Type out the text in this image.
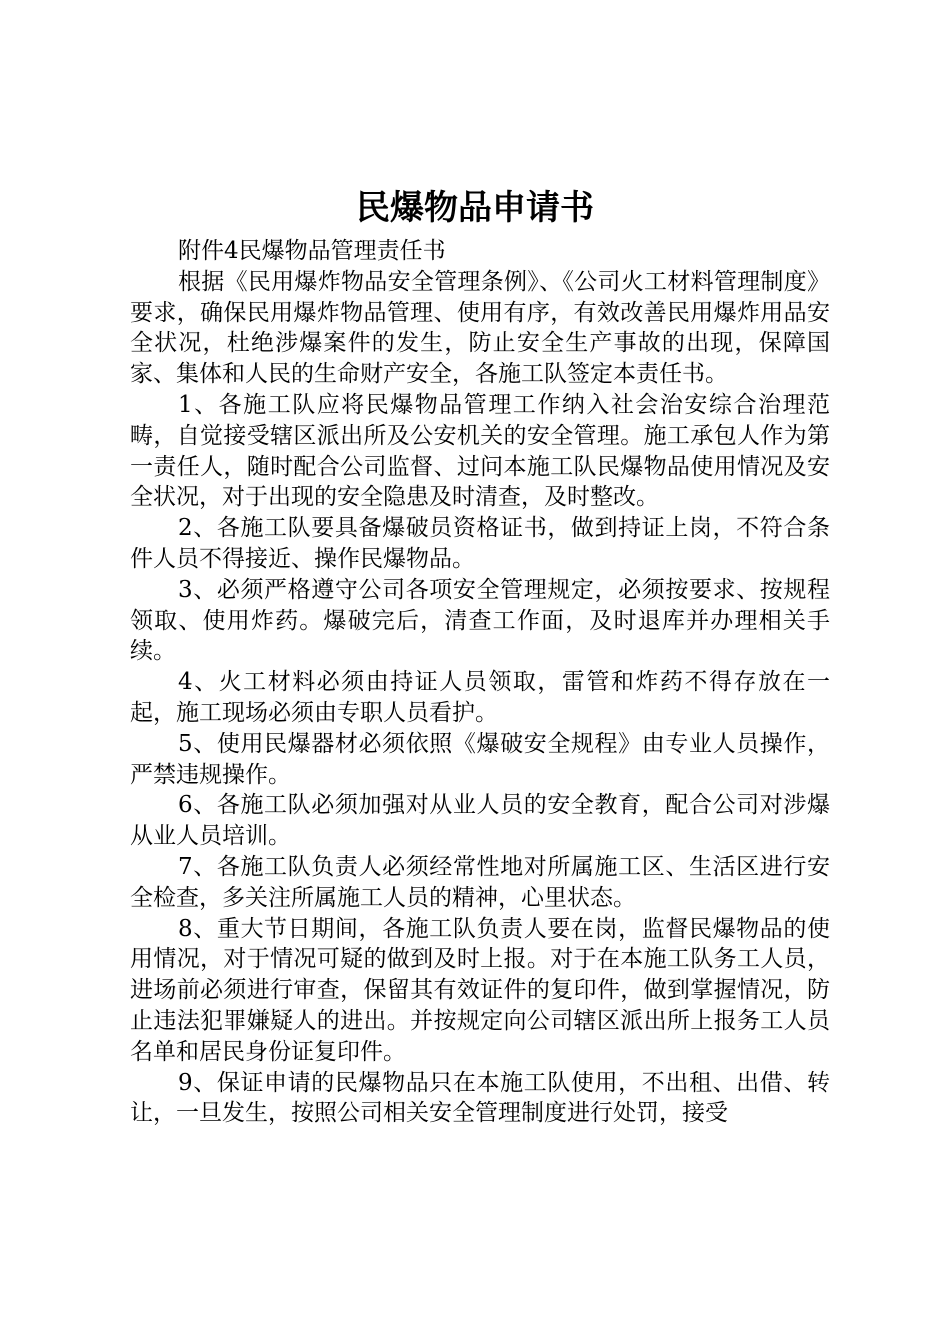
民爆物品申请书

附件4民爆物品管理责任书

根据《民用爆炸物品安全管理条例》、《公司火工材料管理制度》要求，确保民用爆炸物品管理、使用有序，有效改善民用爆炸用品安全状况，杜绝涉爆案件的发生，防止安全生产事故的出现，保障国家、集体和人民的生命财产安全，各施工队签定本责任书。

1、各施工队应将民爆物品管理工作纳入社会治安综合治理范畴，自觉接受辖区派出所及公安机关的安全管理。施工承包人作为第一责任人，随时配合公司监督、过问本施工队民爆物品使用情况及安全状况，对于出现的安全隐患及时清查，及时整改。

2、各施工队要具备爆破员资格证书，做到持证上岗，不符合条件人员不得接近、操作民爆物品。

3、必须严格遵守公司各项安全管理规定，必须按要求、按规程领取、使用炸药。爆破完后，清查工作面，及时退库并办理相关手续。

4、火工材料必须由持证人员领取，雷管和炸药不得存放在一起，施工现场必须由专职人员看护。

5、使用民爆器材必须依照《爆破安全规程》由专业人员操作，严禁违规操作。

6、各施工队必须加强对从业人员的安全教育，配合公司对涉爆从业人员培训。

7、各施工队负责人必须经常性地对所属施工区、生活区进行安全检查，多关注所属施工人员的精神，心里状态。

8、重大节日期间，各施工队负责人要在岗，监督民爆物品的使用情况，对于情况可疑的做到及时上报。对于在本施工队务工人员，进场前必须进行审查，保留其有效证件的复印件，做到掌握情况，防止违法犯罪嫌疑人的进出。并按规定向公司辖区派出所上报务工人员名单和居民身份证复印件。

9、保证申请的民爆物品只在本施工队使用，不出租、出借、转让，一旦发生，按照公司相关安全管理制度进行处罚，接受
